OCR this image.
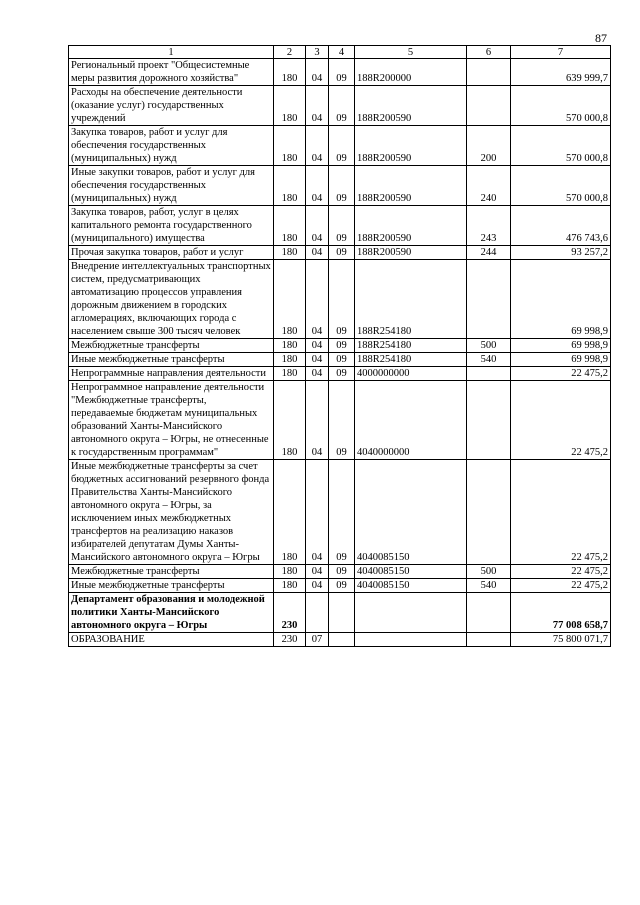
87
1	2	3	4	5	6	7
Региональный проект "Общесистемные меры развития дорожного хозяйства"	180	04	09	188R200000		639 999,7
Расходы на обеспечение деятельности (оказание услуг) государственных учреждений	180	04	09	188R200590		570 000,8
Закупка товаров, работ и услуг для обеспечения государственных (муниципальных) нужд	180	04	09	188R200590	200	570 000,8
Иные закупки товаров, работ и услуг для обеспечения государственных (муниципальных) нужд	180	04	09	188R200590	240	570 000,8
Закупка товаров, работ, услуг в целях капитального ремонта государственного (муниципального) имущества	180	04	09	188R200590	243	476 743,6
Прочая закупка товаров, работ и услуг	180	04	09	188R200590	244	93 257,2
Внедрение интеллектуальных транспортных систем, предусматривающих автоматизацию процессов управления дорожным движением в городских агломерациях, включающих города с населением свыше 300 тысяч человек	180	04	09	188R254180		69 998,9
Межбюджетные трансферты	180	04	09	188R254180	500	69 998,9
Иные межбюджетные трансферты	180	04	09	188R254180	540	69 998,9
Непрограммные направления деятельности	180	04	09	4000000000		22 475,2
Непрограммное направление деятельности "Межбюджетные трансферты, передаваемые бюджетам муниципальных образований Ханты-Мансийского автономного округа – Югры, не отнесенные к государственным программам"	180	04	09	4040000000		22 475,2
Иные межбюджетные трансферты за счет бюджетных ассигнований резервного фонда Правительства Ханты-Мансийского автономного округа – Югры, за исключением иных межбюджетных трансфертов на реализацию наказов избирателей депутатам Думы Ханты-Мансийского автономного округа – Югры	180	04	09	4040085150		22 475,2
Межбюджетные трансферты	180	04	09	4040085150	500	22 475,2
Иные межбюджетные трансферты	180	04	09	4040085150	540	22 475,2
Департамент образования и молодежной политики Ханты-Мансийского автономного округа – Югры	230					77 008 658,7
ОБРАЗОВАНИЕ	230	07				75 800 071,7
